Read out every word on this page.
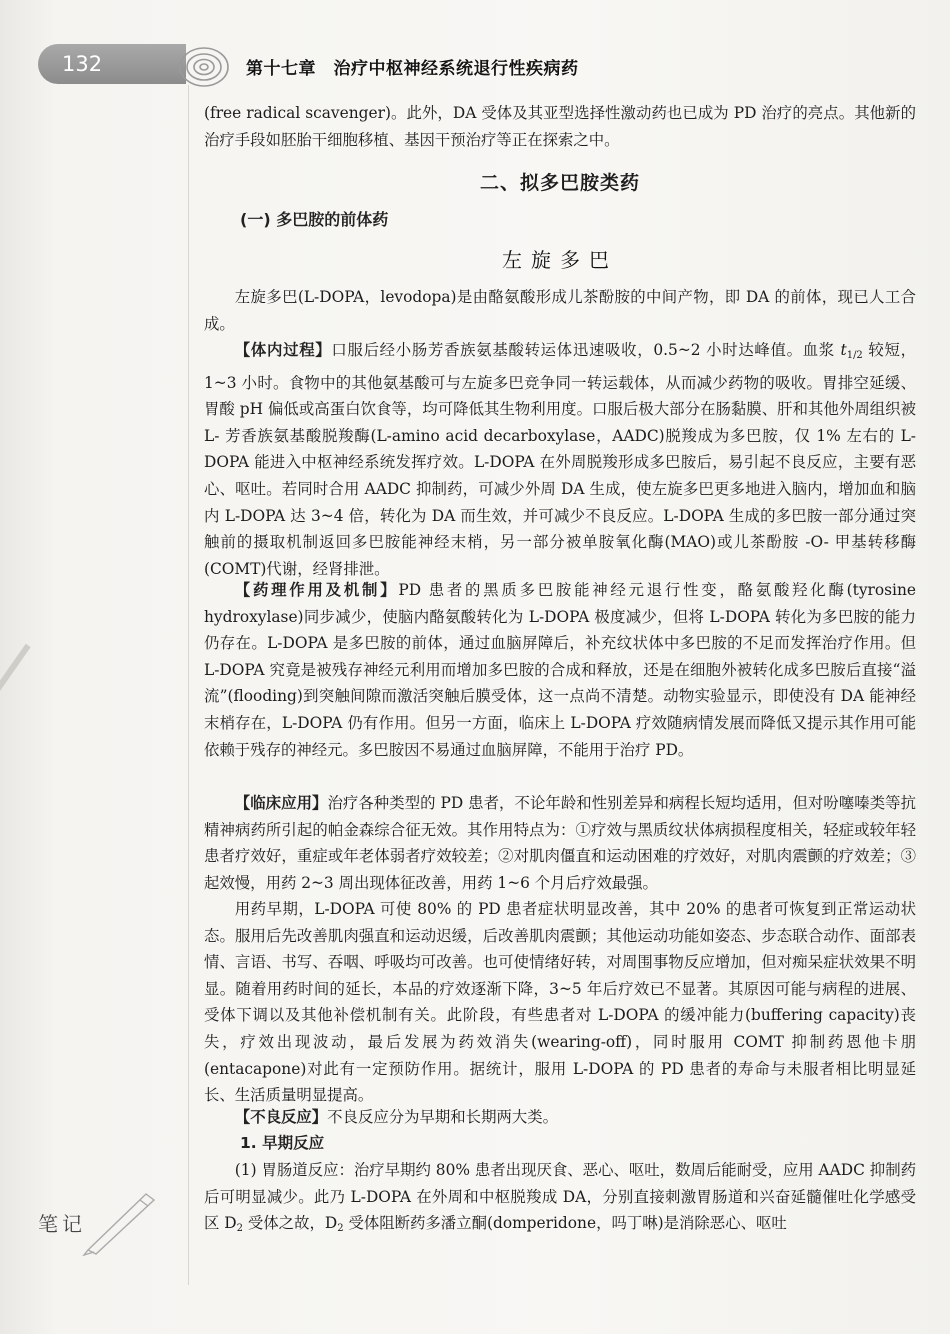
132	第十七章　治疗中枢神经系统退行性疾病药
(free radical scavenger)。此外，DA 受体及其亚型选择性激动药也已成为 PD 治疗的亮点。其他新的治疗手段如胚胎干细胞移植、基因干预治疗等正在探索之中。
二、拟多巴胺类药
(一) 多巴胺的前体药
左旋多巴
左旋多巴(L-DOPA，levodopa)是由酪氨酸形成儿茶酚胺的中间产物，即 DA 的前体，现已人工合成。
【体内过程】口服后经小肠芳香族氨基酸转运体迅速吸收，0.5~2 小时达峰值。血浆 $t_{1/2}$ 较短，1~3 小时。食物中的其他氨基酸可与左旋多巴竞争同一转运载体，从而减少药物的吸收。胃排空延缓、胃酸 pH 偏低或高蛋白饮食等，均可降低其生物利用度。口服后极大部分在肠黏膜、肝和其他外周组织被 L- 芳香族氨基酸脱羧酶(L-amino acid decarboxylase，AADC)脱羧成为多巴胺，仅 1% 左右的 L-DOPA 能进入中枢神经系统发挥疗效。L-DOPA 在外周脱羧形成多巴胺后，易引起不良反应，主要有恶心、呕吐。若同时合用 AADC 抑制药，可减少外周 DA 生成，使左旋多巴更多地进入脑内，增加血和脑内 L-DOPA 达 3~4 倍，转化为 DA 而生效，并可减少不良反应。L-DOPA 生成的多巴胺一部分通过突触前的摄取机制返回多巴胺能神经末梢，另一部分被单胺氧化酶(MAO)或儿茶酚胺 -O- 甲基转移酶(COMT)代谢，经肾排泄。
【药理作用及机制】PD 患者的黑质多巴胺能神经元退行性变，酪氨酸羟化酶(tyrosine hydroxylase)同步减少，使脑内酪氨酸转化为 L-DOPA 极度减少，但将 L-DOPA 转化为多巴胺的能力仍存在。L-DOPA 是多巴胺的前体，通过血脑屏障后，补充纹状体中多巴胺的不足而发挥治疗作用。但 L-DOPA 究竟是被残存神经元利用而增加多巴胺的合成和释放，还是在细胞外被转化成多巴胺后直接“溢流”(flooding)到突触间隙而激活突触后膜受体，这一点尚不清楚。动物实验显示，即使没有 DA 能神经末梢存在，L-DOPA 仍有作用。但另一方面，临床上 L-DOPA 疗效随病情发展而降低又提示其作用可能依赖于残存的神经元。多巴胺因不易通过血脑屏障，不能用于治疗 PD。
【临床应用】治疗各种类型的 PD 患者，不论年龄和性别差异和病程长短均适用，但对吩噻嗪类等抗精神病药所引起的帕金森综合征无效。其作用特点为：①疗效与黑质纹状体病损程度相关，轻症或较年轻患者疗效好，重症或年老体弱者疗效较差；②对肌肉僵直和运动困难的疗效好，对肌肉震颤的疗效差；③起效慢，用药 2~3 周出现体征改善，用药 1~6 个月后疗效最强。
用药早期，L-DOPA 可使 80% 的 PD 患者症状明显改善，其中 20% 的患者可恢复到正常运动状态。服用后先改善肌肉强直和运动迟缓，后改善肌肉震颤；其他运动功能如姿态、步态联合动作、面部表情、言语、书写、吞咽、呼吸均可改善。也可使情绪好转，对周围事物反应增加，但对痴呆症状效果不明显。随着用药时间的延长，本品的疗效逐渐下降，3~5 年后疗效已不显著。其原因可能与病程的进展、受体下调以及其他补偿机制有关。此阶段，有些患者对 L-DOPA 的缓冲能力(buffering capacity)丧失，疗效出现波动，最后发展为药效消失(wearing-off)，同时服用 COMT 抑制药恩他卡朋(entacapone)对此有一定预防作用。据统计，服用 L-DOPA 的 PD 患者的寿命与未服者相比明显延长、生活质量明显提高。
【不良反应】不良反应分为早期和长期两大类。
1. 早期反应
(1) 胃肠道反应：治疗早期约 80% 患者出现厌食、恶心、呕吐，数周后能耐受，应用 AADC 抑制药后可明显减少。此乃 L-DOPA 在外周和中枢脱羧成 DA，分别直接刺激胃肠道和兴奋延髓催吐化学感受区 $D_2$ 受体之故，$D_2$ 受体阻断药多潘立酮(domperidone，吗丁啉)是消除恶心、呕吐
笔记
